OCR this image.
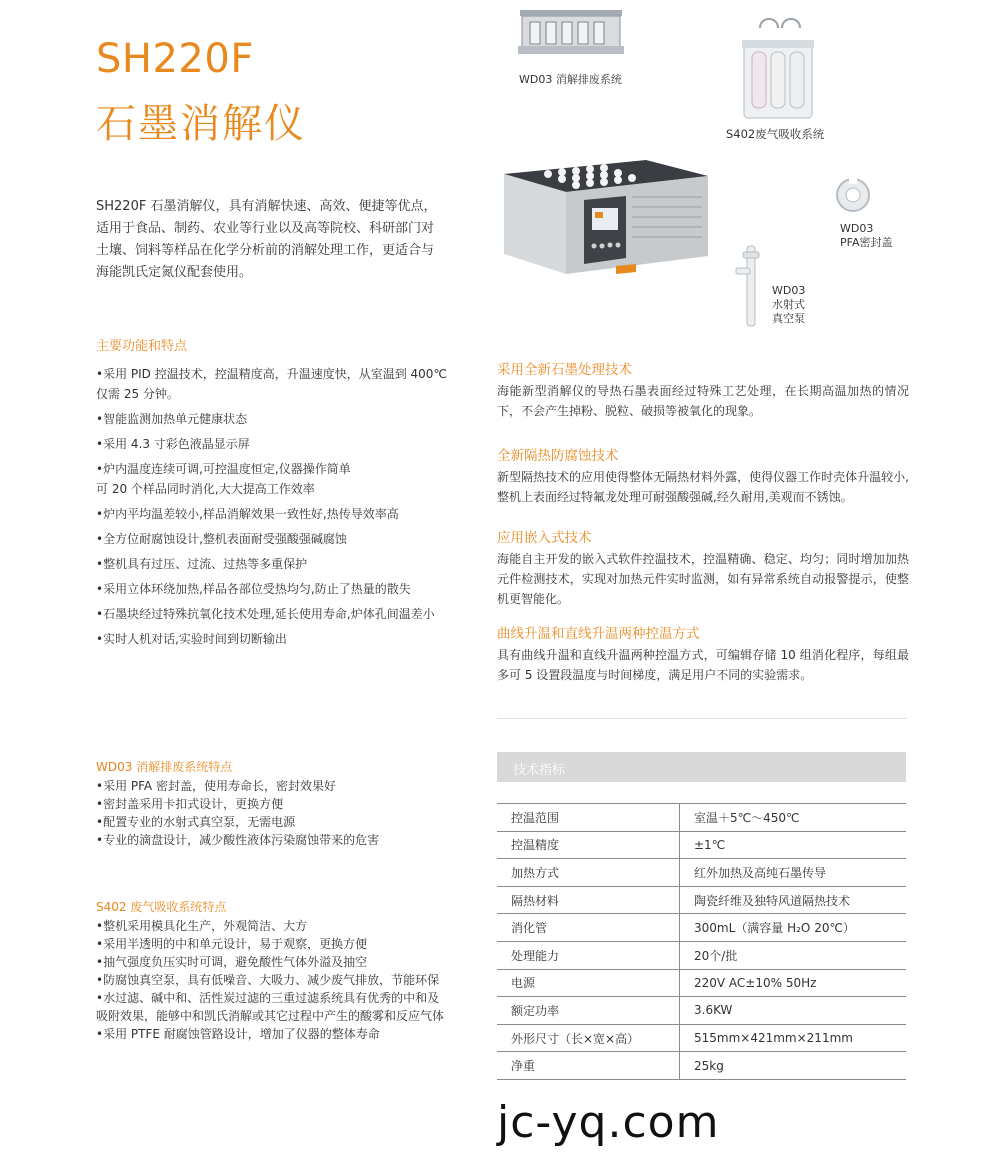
SH220F
石墨消解仪
SH220F 石墨消解仪，具有消解快速、高效、便捷等优点，适用于食品、制药、农业等行业以及高等院校、科研部门对土壤、饲料等样品在化学分析前的消解处理工作，更适合与海能凯氏定氮仪配套使用。
WD03 消解排废系统
S402废气吸收系统
WD03
PFA密封盖
WD03
水射式
真空泵
主要功能和特点
•采用 PID 控温技术，控温精度高，升温速度快，从室温到 400℃仅需 25 分钟。
•智能监测加热单元健康状态
•采用 4.3 寸彩色液晶显示屏
•炉内温度连续可调,可控温度恒定,仪器操作简单
可 20 个样品同时消化,大大提高工作效率
•炉内平均温差较小,样品消解效果一致性好,热传导效率高
•全方位耐腐蚀设计,整机表面耐受强酸强碱腐蚀
•整机具有过压、过流、过热等多重保护
•采用立体环绕加热,样品各部位受热均匀,防止了热量的散失
•石墨块经过特殊抗氧化技术处理,延长使用寿命,炉体孔间温差小
•实时人机对话,实验时间到切断输出
采用全新石墨处理技术
海能新型消解仪的导热石墨表面经过特殊工艺处理，在长期高温加热的情况下，不会产生掉粉、脱粒、破损等被氧化的现象。
全新隔热防腐蚀技术
新型隔热技术的应用使得整体无隔热材料外露，使得仪器工作时壳体升温较小,整机上表面经过特氟龙处理可耐强酸强碱,经久耐用,美观而不锈蚀。
应用嵌入式技术
海能自主开发的嵌入式软件控温技术，控温精确、稳定、均匀；同时增加加热元件检测技术，实现对加热元件实时监测，如有异常系统自动报警提示，使整机更智能化。
曲线升温和直线升温两种控温方式
具有曲线升温和直线升温两种控温方式，可编辑存储 10 组消化程序，每组最多可 5 设置段温度与时间梯度，满足用户不同的实验需求。
WD03 消解排废系统特点
•采用 PFA 密封盖，使用寿命长，密封效果好
•密封盖采用卡扣式设计，更换方便
•配置专业的水射式真空泵，无需电源
•专业的滴盘设计，减少酸性液体污染腐蚀带来的危害
S402 废气吸收系统特点
•整机采用模具化生产，外观简洁、大方
•采用半透明的中和单元设计，易于观察，更换方便
•抽气强度负压实时可调，避免酸性气体外溢及抽空
•防腐蚀真空泵，具有低噪音、大吸力、减少废气排放，节能环保
•水过滤、碱中和、活性炭过滤的三重过滤系统具有优秀的中和及吸附效果，能够中和凯氏消解或其它过程中产生的酸雾和反应气体
•采用 PTFE 耐腐蚀管路设计，增加了仪器的整体寿命
技术指标
控温范围	室温＋5℃～450℃
控温精度	±1℃
加热方式	红外加热及高纯石墨传导
隔热材料	陶瓷纤维及独特风道隔热技术
消化管	300mL（满容量 H₂O 20℃）
处理能力	20个/批
电源	220V AC±10% 50Hz
额定功率	3.6KW
外形尺寸（长×宽×高）	515mm×421mm×211mm
净重	25kg
jc-yq.com
